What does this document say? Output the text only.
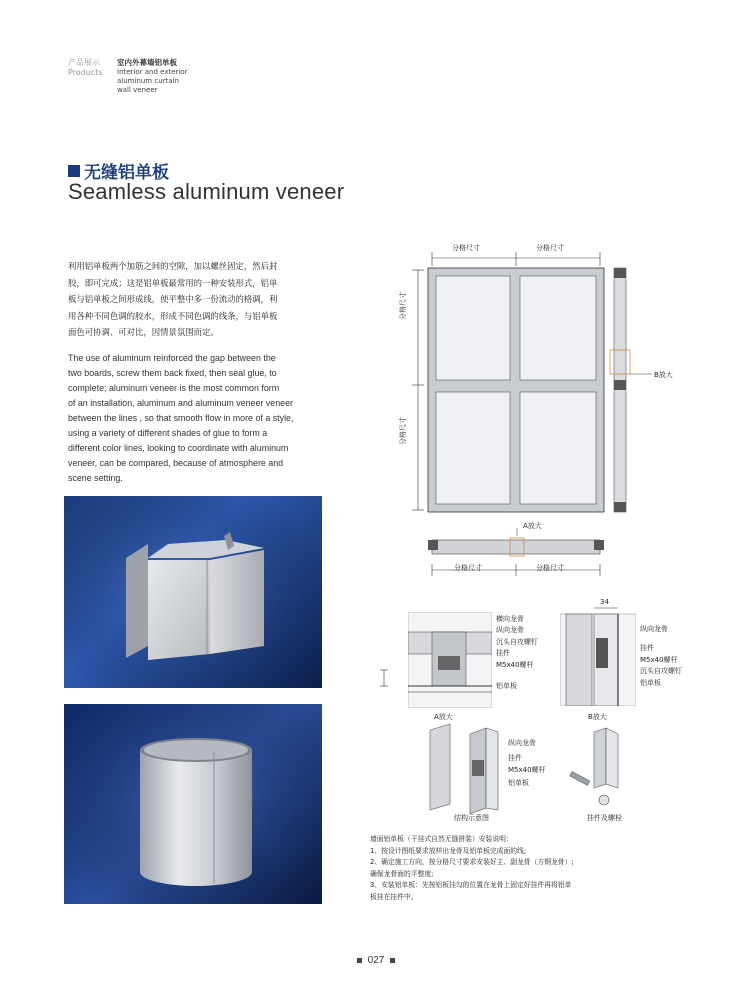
产品展示
Products
室内外幕墙铝单板
Interior and exterior
aluminum curtain
wall veneer
无缝铝单板
Seamless aluminum veneer
利用铝单板两个加筋之间的空隙，加以螺丝固定，然后封
胶，即可完成；这是铝单板最常用的一种安装形式，铝单
板与铝单板之间形成线，使平整中多一份流动的格调，利
用各种不同色调的胶水，形成不同色调的线条，与铝单板
面色可协调、可对比，因情景氛围而定。
The use of aluminum reinforced the gap between the
two boards, screw them back fixed, then seal glue, to
complete; aluminum veneer is the most common form
of an installation, aluminum and aluminum veneer veneer
between the lines , so that smooth flow in more of a style,
using a variety of different shades of glue to form a
different color lines, looking to coordinate with aluminum
veneer, can be compared, because of atmosphere and
scene setting.
分格尺寸	分格尺寸
分格尺寸
分格尺寸
B放大
A放大
分格尺寸	分格尺寸
横向龙骨
纵向龙骨
沉头自攻螺钉
挂件
M5x40螺杆
铝单板
A放大
34
纵向龙骨
挂件
M5x40螺杆
沉头自攻螺钉
铝单板
B放大
纵向龙骨
挂件
M5x40螺杆
铝单板
结构示意图	挂件及螺栓
墙面铝单板（干挂式自然无缝拼装）安装说明：
1、按设计图纸要求放样出龙骨及铝单板完成面的线;
2、确定施工方向，按分格尺寸要求安装好主、副龙骨（方钢龙骨）;
确保龙骨面的平整度;
3、安装铝单板：先按铝板挂勾的位置在龙骨上固定好挂件再将铝单
板挂在挂件中。
027
